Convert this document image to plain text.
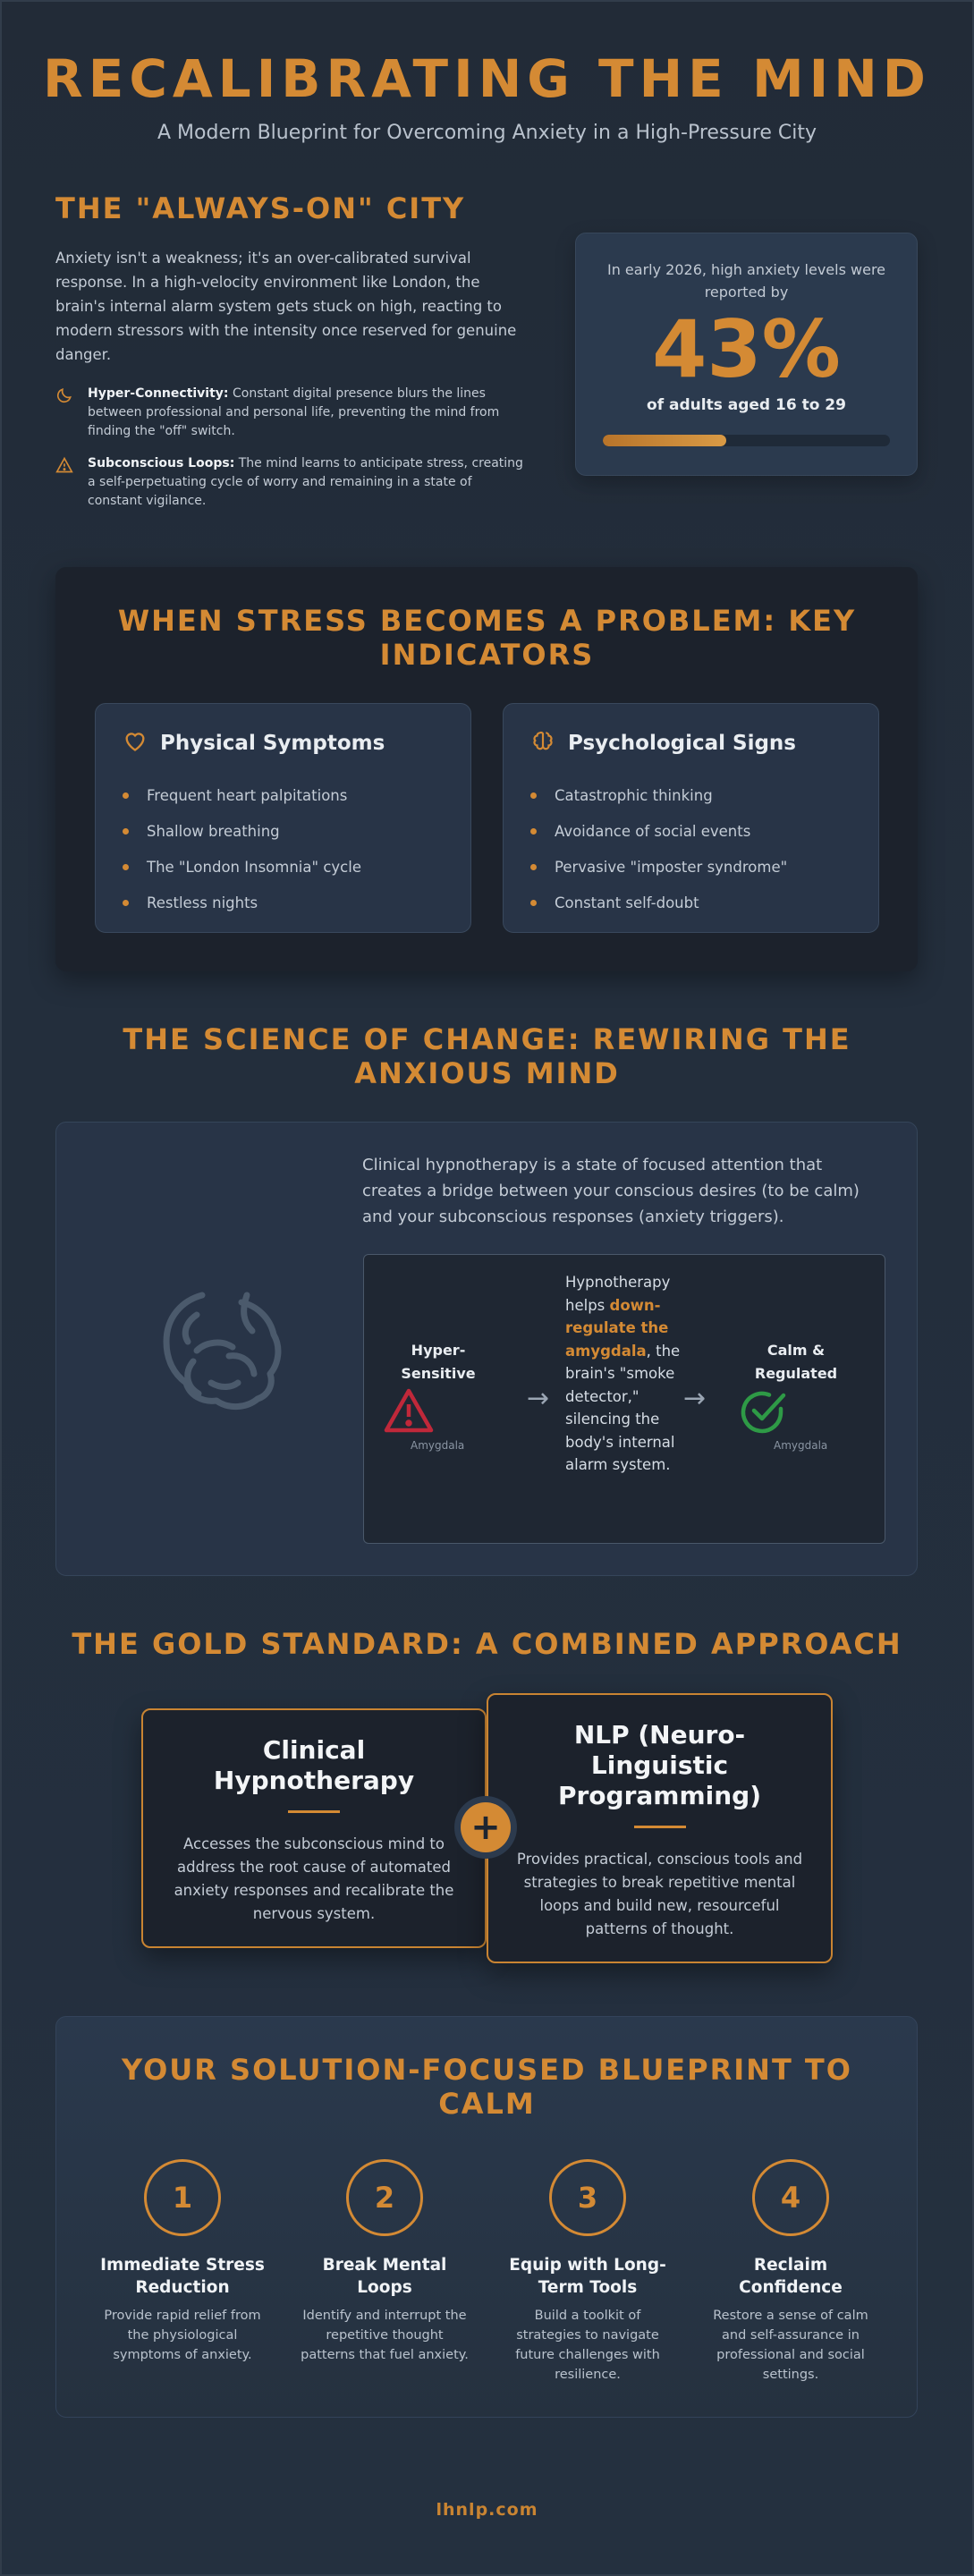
RECALIBRATING THE MIND
A Modern Blueprint for Overcoming Anxiety in a High-Pressure City
THE "ALWAYS-ON" CITY
Anxiety isn't a weakness; it's an over-calibrated survival response. In a high-velocity environment like London, the brain's internal alarm system gets stuck on high, reacting to modern stressors with the intensity once reserved for genuine danger.
Hyper-Connectivity: Constant digital presence blurs the lines between professional and personal life, preventing the mind from finding the "off" switch.
Subconscious Loops: The mind learns to anticipate stress, creating a self-perpetuating cycle of worry and remaining in a state of constant vigilance.
In early 2026, high anxiety levels were reported by
43%
of adults aged 16 to 29
WHEN STRESS BECOMES A PROBLEM: KEY INDICATORS
Physical Symptoms
Frequent heart palpitations
Shallow breathing
The "London Insomnia" cycle
Restless nights
Psychological Signs
Catastrophic thinking
Avoidance of social events
Pervasive "imposter syndrome"
Constant self-doubt
THE SCIENCE OF CHANGE: REWIRING THE ANXIOUS MIND
Clinical hypnotherapy is a state of focused attention that creates a bridge between your conscious desires (to be calm) and your subconscious responses (anxiety triggers).
Hyper-Sensitive
Amygdala
→
Hypnotherapy helps down-regulate the amygdala, the brain's "smoke detector," silencing the body's internal alarm system.
→
Calm & Regulated
Amygdala
THE GOLD STANDARD: A COMBINED APPROACH
Clinical Hypnotherapy
Accesses the subconscious mind to address the root cause of automated anxiety responses and recalibrate the nervous system.
NLP (Neuro-Linguistic Programming)
Provides practical, conscious tools and strategies to break repetitive mental loops and build new, resourceful patterns of thought.
+
YOUR SOLUTION-FOCUSED BLUEPRINT TO CALM
1
Immediate Stress Reduction
Provide rapid relief from the physiological symptoms of anxiety.
2
Break Mental Loops
Identify and interrupt the repetitive thought patterns that fuel anxiety.
3
Equip with Long-Term Tools
Build a toolkit of strategies to navigate future challenges with resilience.
4
Reclaim Confidence
Restore a sense of calm and self-assurance in professional and social settings.
lhnlp.com
